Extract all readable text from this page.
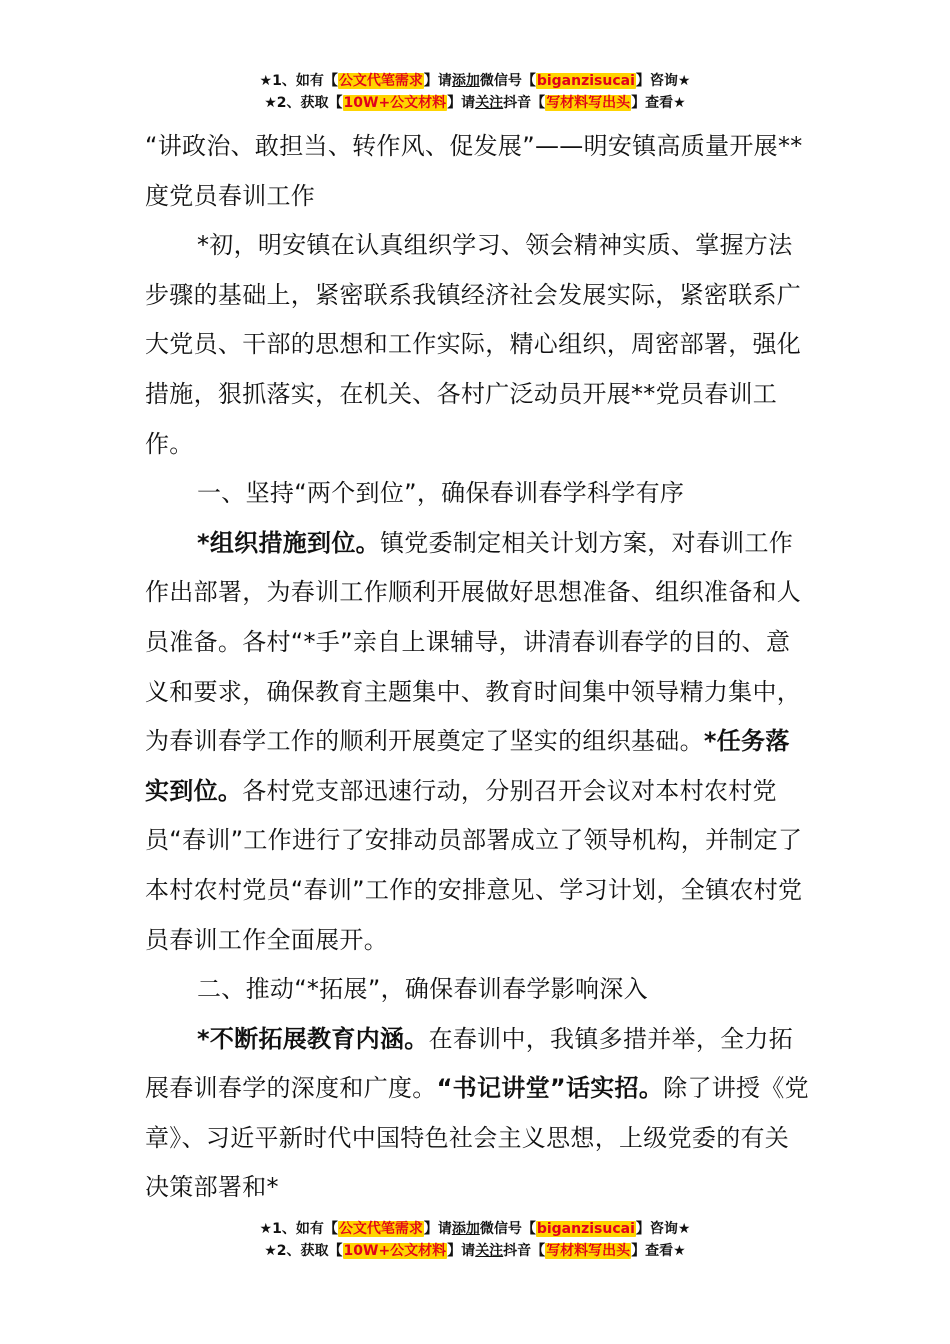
★1、如有【公文代笔需求】请添加微信号【biganzisucai】咨询★
★2、获取【10W+公文材料】请关注抖音【写材料写出头】查看★

“讲政治、敢担当、转作风、促发展”——明安镇高质量开展**度党员春训工作

*初，明安镇在认真组织学习、领会精神实质、掌握方法步骤的基础上，紧密联系我镇经济社会发展实际，紧密联系广大党员、干部的思想和工作实际，精心组织，周密部署，强化措施，狠抓落实，在机关、各村广泛动员开展**党员春训工作。

一、坚持“两个到位”，确保春训春学科学有序

*组织措施到位。镇党委制定相关计划方案，对春训工作作出部署，为春训工作顺利开展做好思想准备、组织准备和人员准备。各村“*手”亲自上课辅导，讲清春训春学的目的、意义和要求，确保教育主题集中、教育时间集中领导精力集中，为春训春学工作的顺利开展奠定了坚实的组织基础。*任务落实到位。各村党支部迅速行动，分别召开会议对本村农村党员“春训”工作进行了安排动员部署成立了领导机构，并制定了本村农村党员“春训”工作的安排意见、学习计划，全镇农村党员春训工作全面展开。

二、推动“*拓展”，确保春训春学影响深入

*不断拓展教育内涵。在春训中，我镇多措并举，全力拓展春训春学的深度和广度。“书记讲堂”话实招。除了讲授《党章》、习近平新时代中国特色社会主义思想，上级党委的有关决策部署和*

★1、如有【公文代笔需求】请添加微信号【biganzisucai】咨询★
★2、获取【10W+公文材料】请关注抖音【写材料写出头】查看★
